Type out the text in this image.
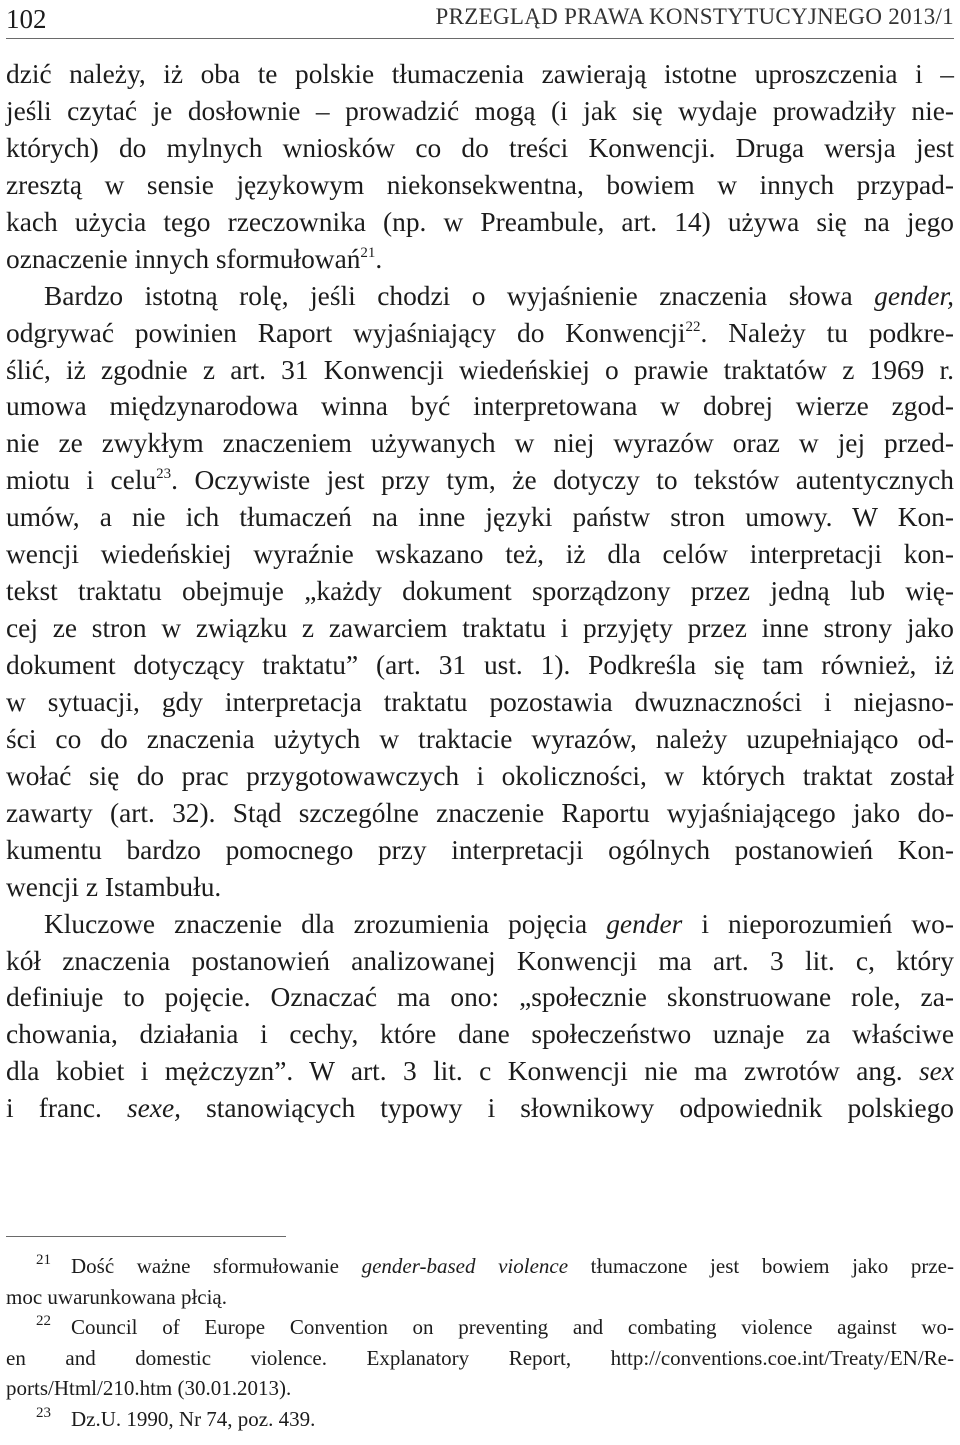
102	PRZEGLĄD PRAWA KONSTYTUCYJNEGO 2013/1
dzić należy, iż oba te polskie tłumaczenia zawierają istotne uproszczenia i –
jeśli czytać je dosłownie – prowadzić mogą (i jak się wydaje prowadziły nie-
których) do mylnych wniosków co do treści Konwencji. Druga wersja jest
zresztą w sensie językowym niekonsekwentna, bowiem w innych przypad-
kach użycia tego rzeczownika (np. w Preambule, art. 14) używa się na jego
oznaczenie innych sformułowań$^{21}$.
Bardzo istotną rolę, jeśli chodzi o wyjaśnienie znaczenia słowa gender,
odgrywać powinien Raport wyjaśniający do Konwencji$^{22}$. Należy tu podkre-
ślić, iż zgodnie z art. 31 Konwencji wiedeńskiej o prawie traktatów z 1969 r.
umowa międzynarodowa winna być interpretowana w dobrej wierze zgod-
nie ze zwykłym znaczeniem używanych w niej wyrazów oraz w jej przed-
miotu i celu$^{23}$. Oczywiste jest przy tym, że dotyczy to tekstów autentycznych
umów, a nie ich tłumaczeń na inne języki państw stron umowy. W Kon-
wencji wiedeńskiej wyraźnie wskazano też, iż dla celów interpretacji kon-
tekst traktatu obejmuje „każdy dokument sporządzony przez jedną lub wię-
cej ze stron w związku z zawarciem traktatu i przyjęty przez inne strony jako
dokument dotyczący traktatu” (art. 31 ust. 1). Podkreśla się tam również, iż
w sytuacji, gdy interpretacja traktatu pozostawia dwuznaczności i niejasno-
ści co do znaczenia użytych w traktacie wyrazów, należy uzupełniająco od-
wołać się do prac przygotowawczych i okoliczności, w których traktat został
zawarty (art. 32). Stąd szczególne znaczenie Raportu wyjaśniającego jako do-
kumentu bardzo pomocnego przy interpretacji ogólnych postanowień Kon-
wencji z Istambułu.
Kluczowe znaczenie dla zrozumienia pojęcia gender i nieporozumień wo-
kół znaczenia postanowień analizowanej Konwencji ma art. 3 lit. c, który
definiuje to pojęcie. Oznaczać ma ono: „społecznie skonstruowane role, za-
chowania, działania i cechy, które dane społeczeństwo uznaje za właściwe
dla kobiet i mężczyzn”. W art. 3 lit. c Konwencji nie ma zwrotów ang. sex
i franc. sexe, stanowiących typowy i słownikowy odpowiednik polskiego
$^{21}$ Dość ważne sformułowanie gender-based violence tłumaczone jest bowiem jako prze-
moc uwarunkowana płcią.
$^{22}$ Council of Europe Convention on preventing and combating violence against wo-
en and domestic violence. Explanatory Report, http://conventions.coe.int/Treaty/EN/Re-
ports/Html/210.htm (30.01.2013).
$^{23}$ Dz.U. 1990, Nr 74, poz. 439.
